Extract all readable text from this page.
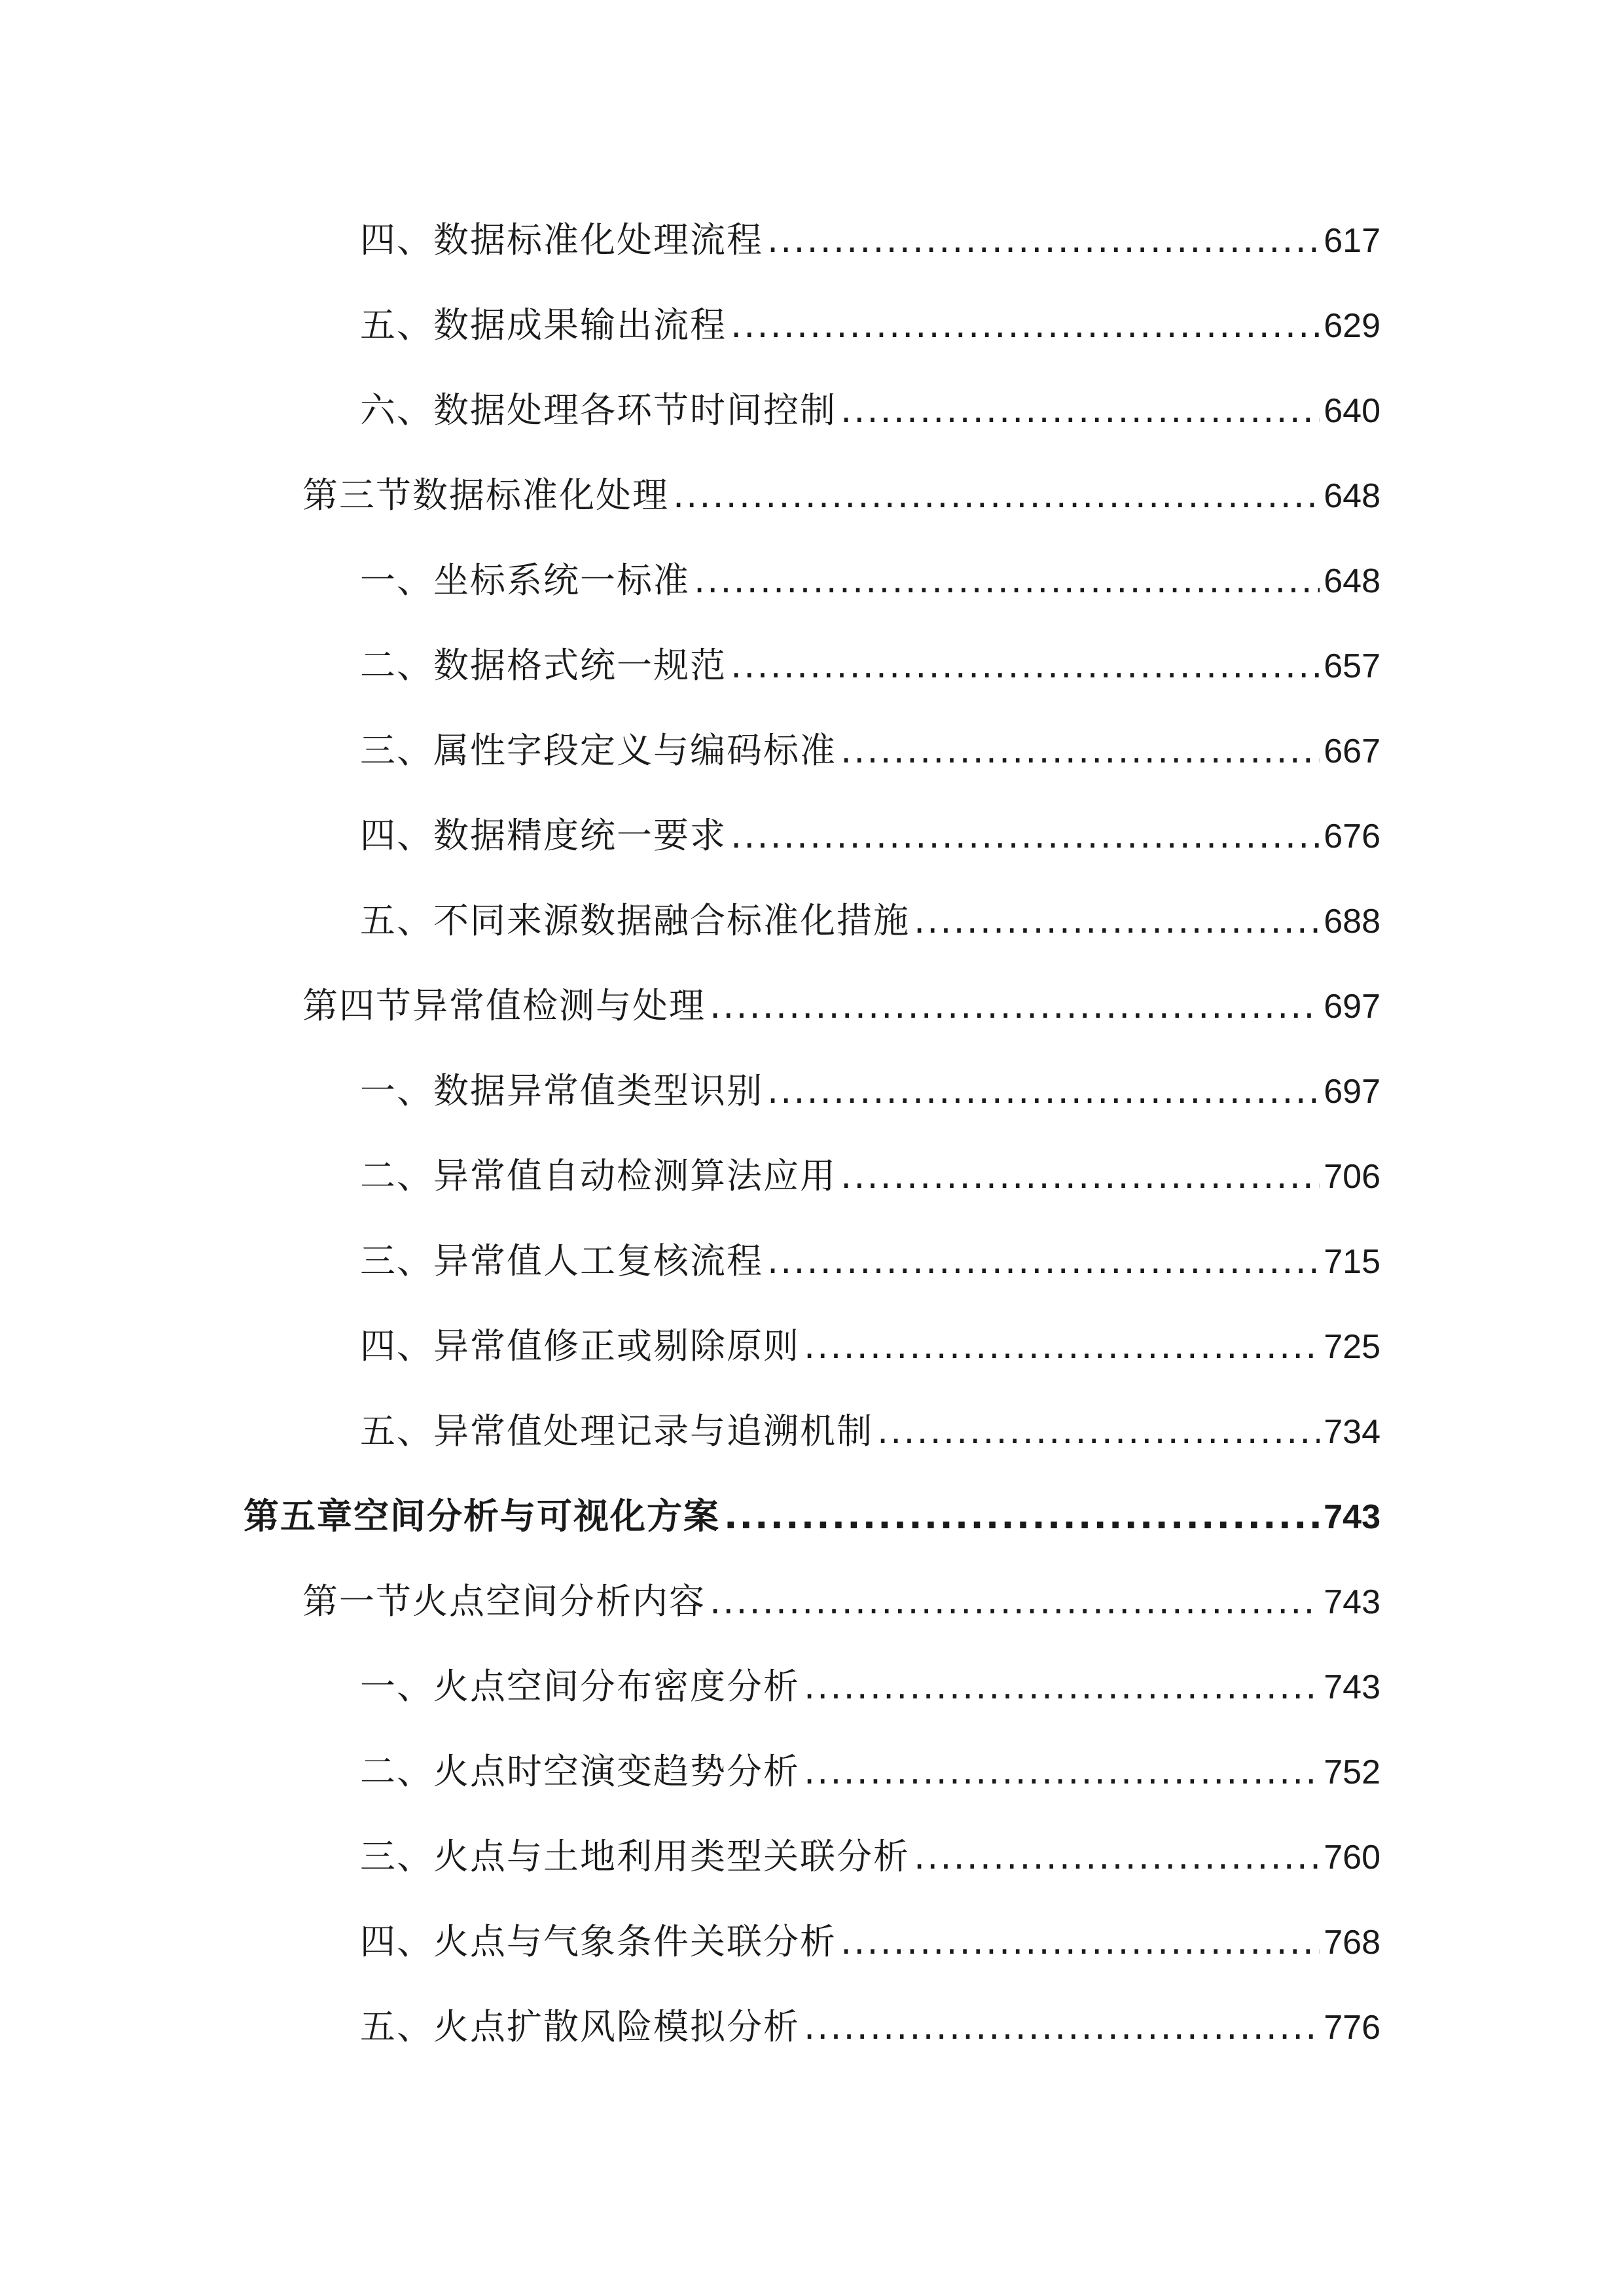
四、数据标准化处理流程 .....	617
五、数据成果输出流程 .....	629
六、数据处理各环节时间控制 .....	640
第三节数据标准化处理 .....	648
一、坐标系统一标准 .....	648
二、数据格式统一规范 .....	657
三、属性字段定义与编码标准 .....	667
四、数据精度统一要求 .....	676
五、不同来源数据融合标准化措施 .....	688
第四节异常值检测与处理 .....	697
一、数据异常值类型识别 .....	697
二、异常值自动检测算法应用 .....	706
三、异常值人工复核流程 .....	715
四、异常值修正或剔除原则 .....	725
五、异常值处理记录与追溯机制 .....	734
第五章空间分析与可视化方案 .....	743
第一节火点空间分析内容 .....	743
一、火点空间分布密度分析 .....	743
二、火点时空演变趋势分析 .....	752
三、火点与土地利用类型关联分析 .....	760
四、火点与气象条件关联分析 .....	768
五、火点扩散风险模拟分析 .....	776
